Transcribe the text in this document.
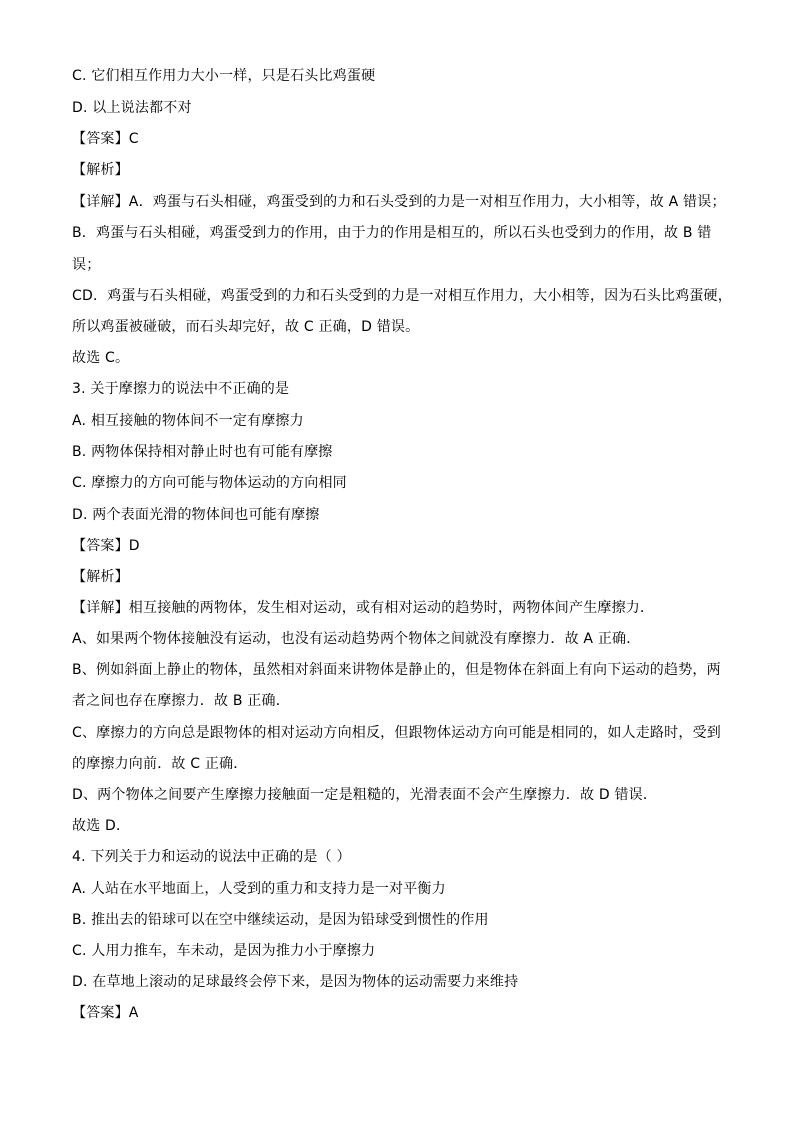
C. 它们相互作用力大小一样，只是石头比鸡蛋硬
D. 以上说法都不对
【答案】C
【解析】
【详解】A．鸡蛋与石头相碰，鸡蛋受到的力和石头受到的力是一对相互作用力，大小相等，故 A 错误；
B．鸡蛋与石头相碰，鸡蛋受到力的作用，由于力的作用是相互的，所以石头也受到力的作用，故 B 错
误；
CD．鸡蛋与石头相碰，鸡蛋受到的力和石头受到的力是一对相互作用力，大小相等，因为石头比鸡蛋硬，
所以鸡蛋被碰破，而石头却完好，故 C 正确，D 错误。
故选 C。
3. 关于摩擦力的说法中不正确的是
A. 相互接触的物体间不一定有摩擦力
B. 两物体保持相对静止时也有可能有摩擦
C. 摩擦力的方向可能与物体运动的方向相同
D. 两个表面光滑的物体间也可能有摩擦
【答案】D
【解析】
【详解】相互接触的两物体，发生相对运动，或有相对运动的趋势时，两物体间产生摩擦力．
A、如果两个物体接触没有运动，也没有运动趋势两个物体之间就没有摩擦力．故 A 正确．
B、例如斜面上静止的物体，虽然相对斜面来讲物体是静止的，但是物体在斜面上有向下运动的趋势，两
者之间也存在摩擦力．故 B 正确．
C、摩擦力的方向总是跟物体的相对运动方向相反，但跟物体运动方向可能是相同的，如人走路时，受到
的摩擦力向前．故 C 正确．
D、两个物体之间要产生摩擦力接触面一定是粗糙的，光滑表面不会产生摩擦力．故 D 错误．
故选 D．
4. 下列关于力和运动的说法中正确的是（ ）
A. 人站在水平地面上，人受到的重力和支持力是一对平衡力
B. 推出去的铅球可以在空中继续运动，是因为铅球受到惯性的作用
C. 人用力推车，车未动，是因为推力小于摩擦力
D. 在草地上滚动的足球最终会停下来，是因为物体的运动需要力来维持
【答案】A
